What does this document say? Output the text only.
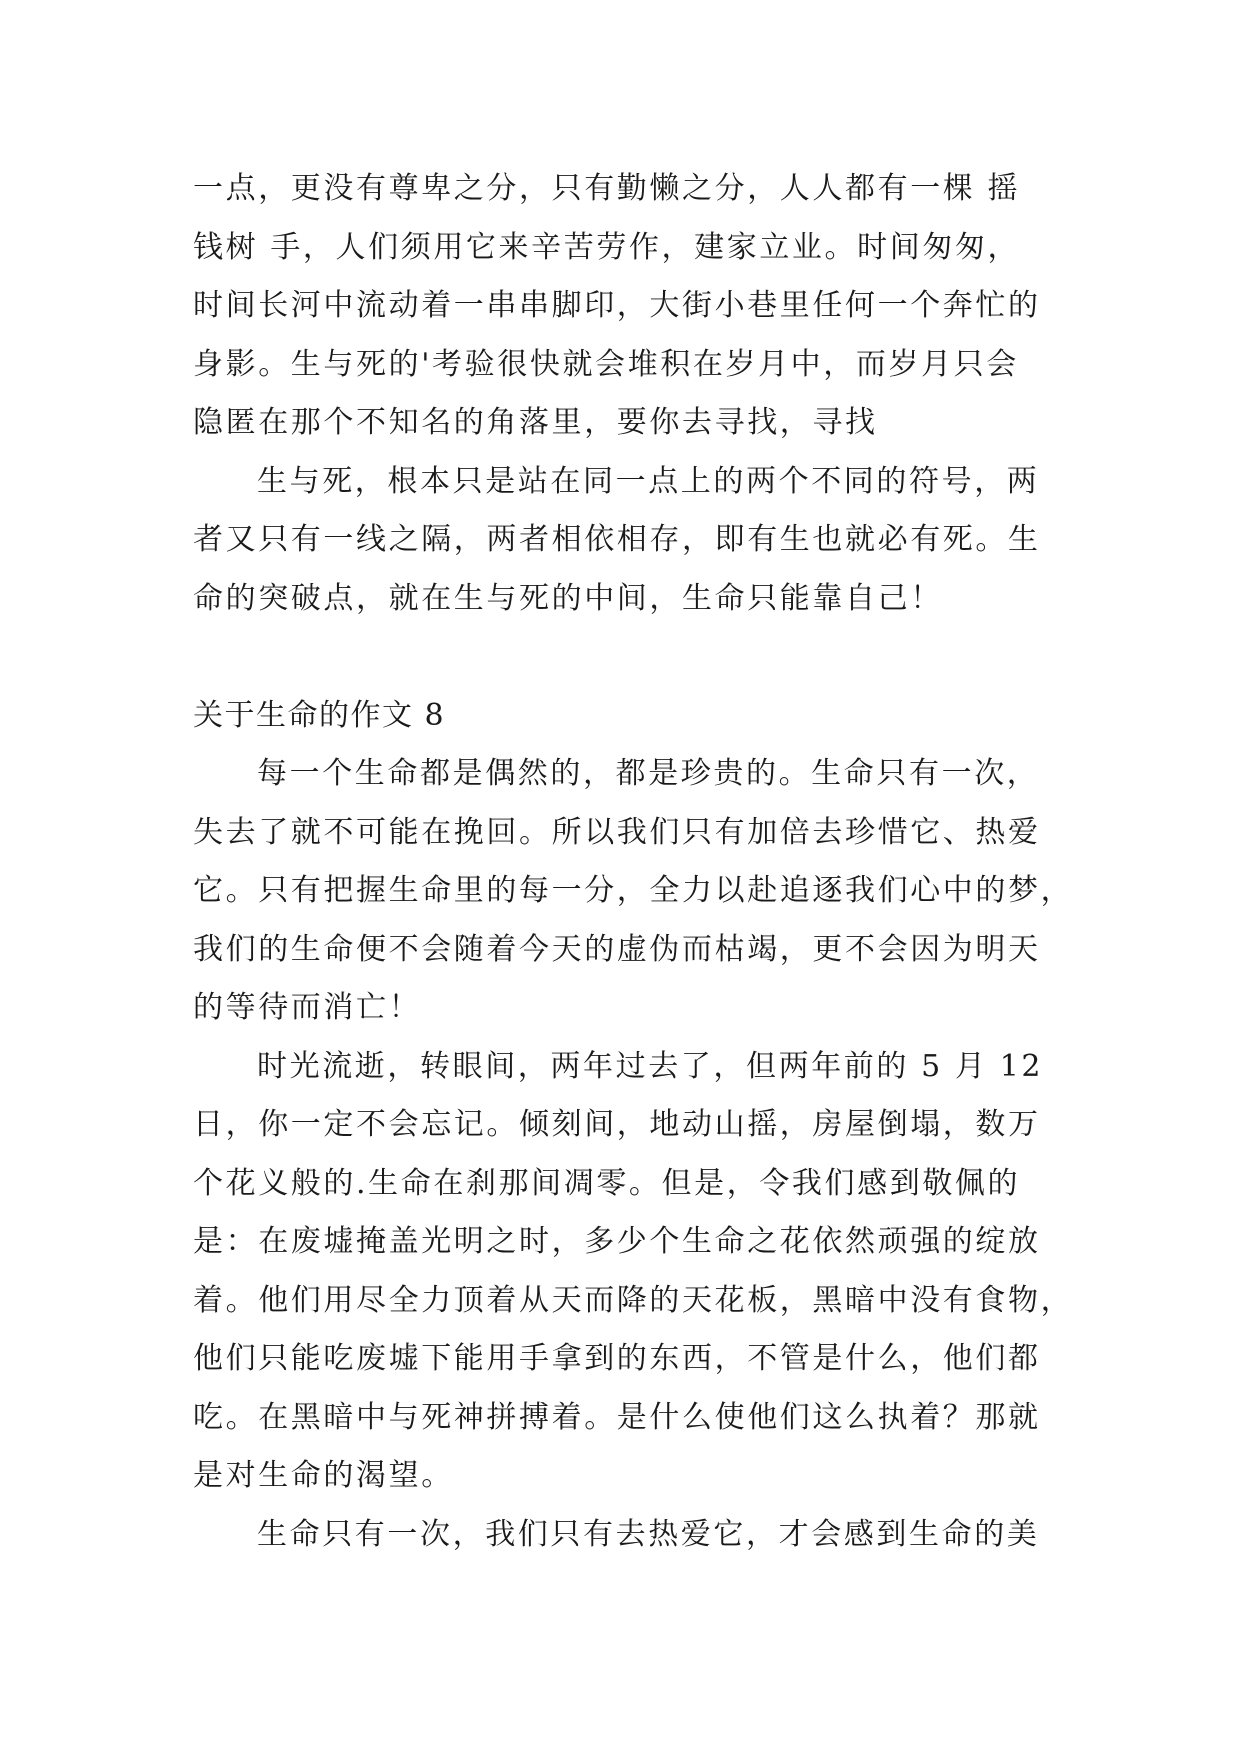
一点，更没有尊卑之分，只有勤懒之分，人人都有一棵 摇
钱树 手，人们须用它来辛苦劳作，建家立业。时间匆匆，
时间长河中流动着一串串脚印，大街小巷里任何一个奔忙的
身影。生与死的'考验很快就会堆积在岁月中，而岁月只会
隐匿在那个不知名的角落里，要你去寻找，寻找
生与死，根本只是站在同一点上的两个不同的符号，两
者又只有一线之隔，两者相依相存，即有生也就必有死。生
命的突破点，就在生与死的中间，生命只能靠自己！
关于生命的作文 8
每一个生命都是偶然的，都是珍贵的。生命只有一次，
失去了就不可能在挽回。所以我们只有加倍去珍惜它、热爱
它。只有把握生命里的每一分，全力以赴追逐我们心中的梦，
我们的生命便不会随着今天的虚伪而枯竭，更不会因为明天
的等待而消亡！
时光流逝，转眼间，两年过去了，但两年前的 5 月 12
日，你一定不会忘记。倾刻间，地动山摇，房屋倒塌，数万
个花义般的.生命在刹那间凋零。但是，令我们感到敬佩的
是：在废墟掩盖光明之时，多少个生命之花依然顽强的绽放
着。他们用尽全力顶着从天而降的天花板，黑暗中没有食物，
他们只能吃废墟下能用手拿到的东西，不管是什么，他们都
吃。在黑暗中与死神拼搏着。是什么使他们这么执着？那就
是对生命的渴望。
生命只有一次，我们只有去热爱它，才会感到生命的美
